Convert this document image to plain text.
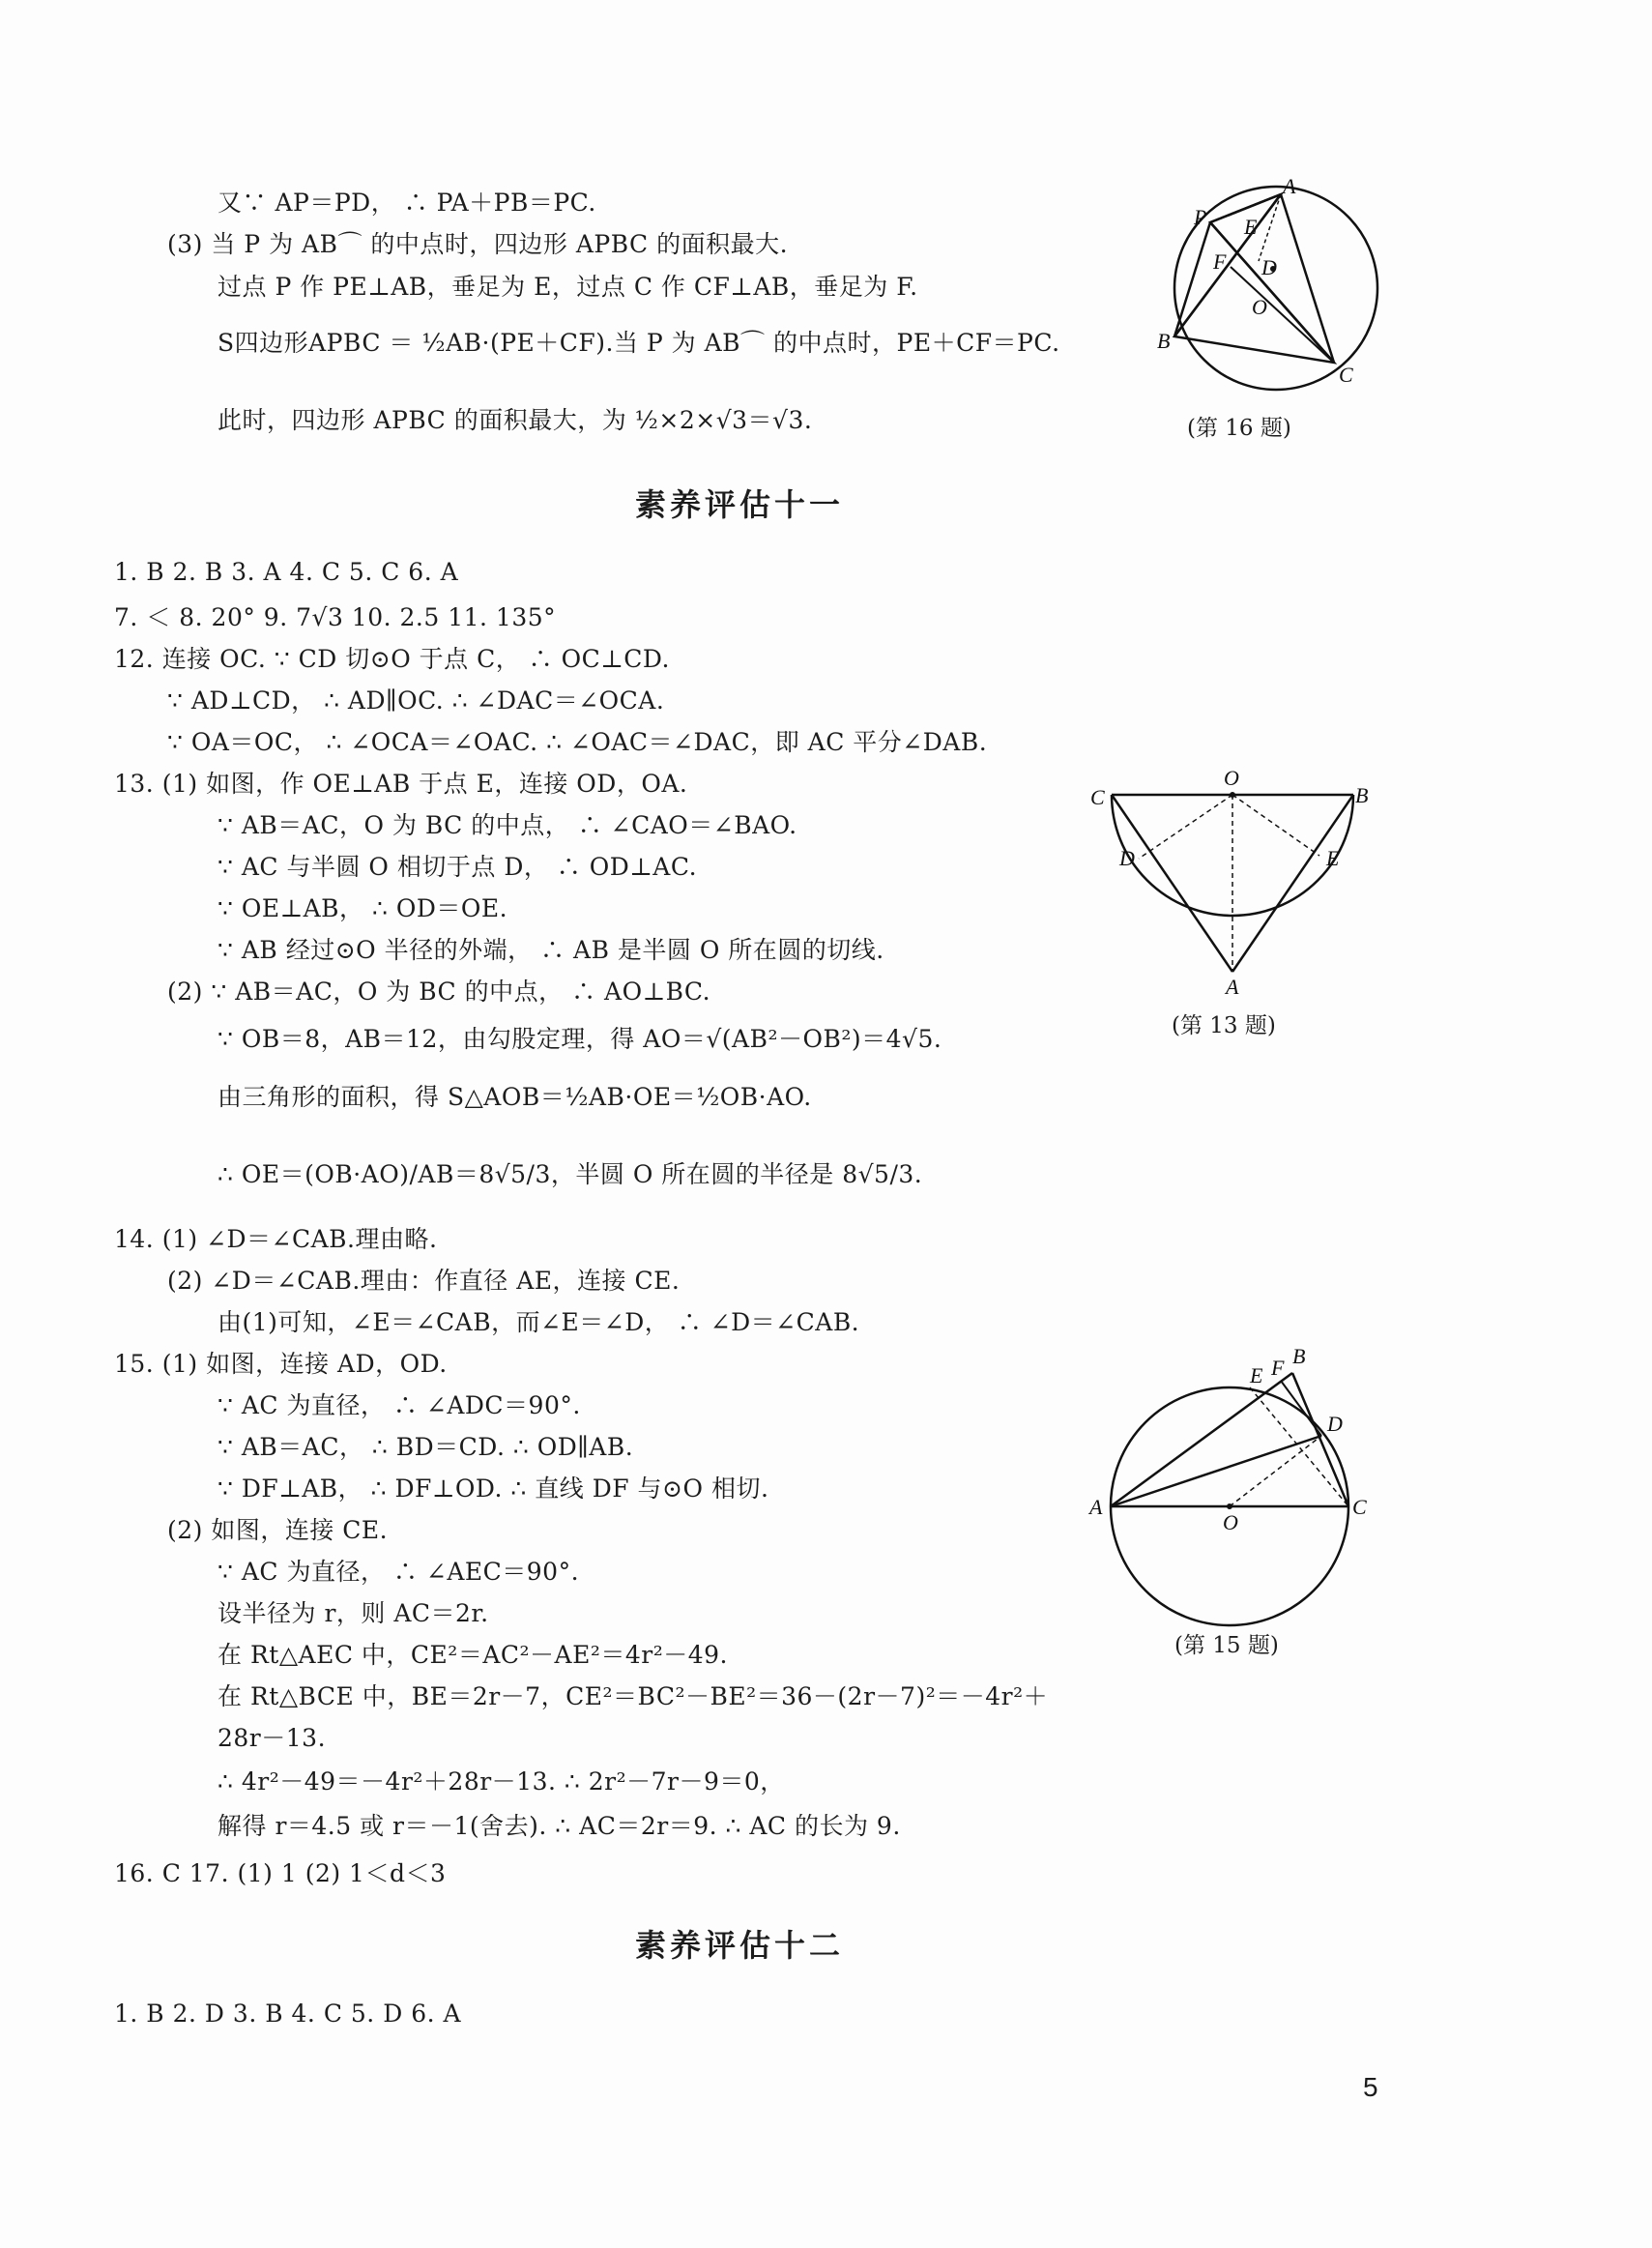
又∵ AP＝PD， ∴ PA＋PB＝PC.
(3) 当 P 为 AB⌒ 的中点时，四边形 APBC 的面积最大.
过点 P 作 PE⊥AB，垂足为 E，过点 C 作 CF⊥AB，垂足为 F.
S四边形APBC ＝ ½AB·(PE＋CF).当 P 为 AB⌒ 的中点时，PE＋CF＝PC.
此时，四边形 APBC 的面积最大，为 ½×2×√3＝√3.
P
A
E
D
F
O
B
C
(第 16 题)
素养评估十一
1. B 2. B 3. A 4. C 5. C 6. A
7. ＜ 8. 20° 9. 7√3 10. 2.5 11. 135°
12. 连接 OC. ∵ CD 切⊙O 于点 C， ∴ OC⊥CD.
∵ AD⊥CD， ∴ AD∥OC. ∴ ∠DAC＝∠OCA.
∵ OA＝OC， ∴ ∠OCA＝∠OAC. ∴ ∠OAC＝∠DAC，即 AC 平分∠DAB.
13. (1) 如图，作 OE⊥AB 于点 E，连接 OD，OA.
∵ AB＝AC，O 为 BC 的中点， ∴ ∠CAO＝∠BAO.
∵ AC 与半圆 O 相切于点 D， ∴ OD⊥AC.
∵ OE⊥AB， ∴ OD＝OE.
∵ AB 经过⊙O 半径的外端， ∴ AB 是半圆 O 所在圆的切线.
(2) ∵ AB＝AC，O 为 BC 的中点， ∴ AO⊥BC.
∵ OB＝8，AB＝12，由勾股定理，得 AO＝√(AB²－OB²)＝4√5.
由三角形的面积，得 S△AOB＝½AB·OE＝½OB·AO.
∴ OE＝(OB·AO)/AB＝8√5/3，半圆 O 所在圆的半径是 8√5/3.
14. (1) ∠D＝∠CAB.理由略.
(2) ∠D＝∠CAB.理由：作直径 AE，连接 CE.
由(1)可知，∠E＝∠CAB，而∠E＝∠D， ∴ ∠D＝∠CAB.
15. (1) 如图，连接 AD，OD.
∵ AC 为直径， ∴ ∠ADC＝90°.
∵ AB＝AC， ∴ BD＝CD. ∴ OD∥AB.
∵ DF⊥AB， ∴ DF⊥OD. ∴ 直线 DF 与⊙O 相切.
(2) 如图，连接 CE.
∵ AC 为直径， ∴ ∠AEC＝90°.
设半径为 r，则 AC＝2r.
在 Rt△AEC 中，CE²＝AC²－AE²＝4r²－49.
在 Rt△BCE 中，BE＝2r－7，CE²＝BC²－BE²＝36－(2r－7)²＝－4r²＋
28r－13.
∴ 4r²－49＝－4r²＋28r－13. ∴ 2r²－7r－9＝0，
解得 r＝4.5 或 r＝－1(舍去). ∴ AC＝2r＝9. ∴ AC 的长为 9.
16. C 17. (1) 1 (2) 1＜d＜3
C
O
B
D	E
A
(第 13 题)
B
E F
D
A
O
C
(第 15 题)
素养评估十二
1. B 2. D 3. B 4. C 5. D 6. A
5
